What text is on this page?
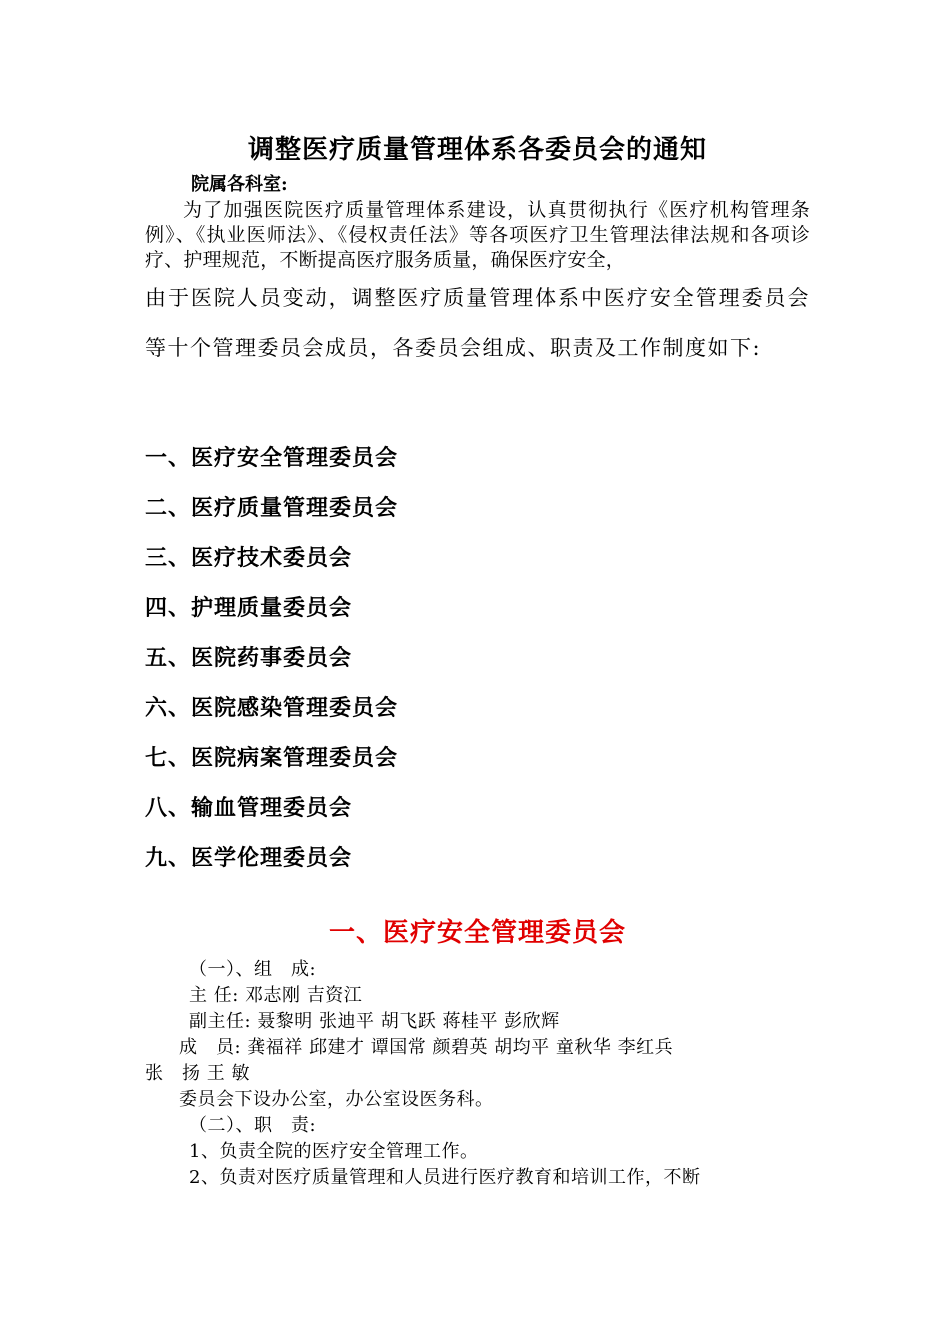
调整医疗质量管理体系各委员会的通知

院属各科室:

为了加强医院医疗质量管理体系建设，认真贯彻执行《医疗机构管理条例》、《执业医师法》、《侵权责任法》等各项医疗卫生管理法律法规和各项诊疗、护理规范，不断提高医疗服务质量，确保医疗安全，

由于医院人员变动，调整医疗质量管理体系中医疗安全管理委员会等十个管理委员会成员，各委员会组成、职责及工作制度如下:

一、医疗安全管理委员会
二、医疗质量管理委员会
三、医疗技术委员会
四、护理质量委员会
五、医院药事委员会
六、医院感染管理委员会
七、医院病案管理委员会
八、输血管理委员会
九、医学伦理委员会
一、医疗安全管理委员会

（一）、组　成:

主 任: 邓志刚 吉资江

副主任: 聂黎明 张迪平 胡飞跃 蒋桂平 彭欣辉

成　员: 龚福祥 邱建才 谭国常 颜碧英 胡均平 童秋华 李红兵

张　扬 王 敏

委员会下设办公室，办公室设医务科。

（二）、职　责:

1、负责全院的医疗安全管理工作。

2、负责对医疗质量管理和人员进行医疗教育和培训工作，不断
